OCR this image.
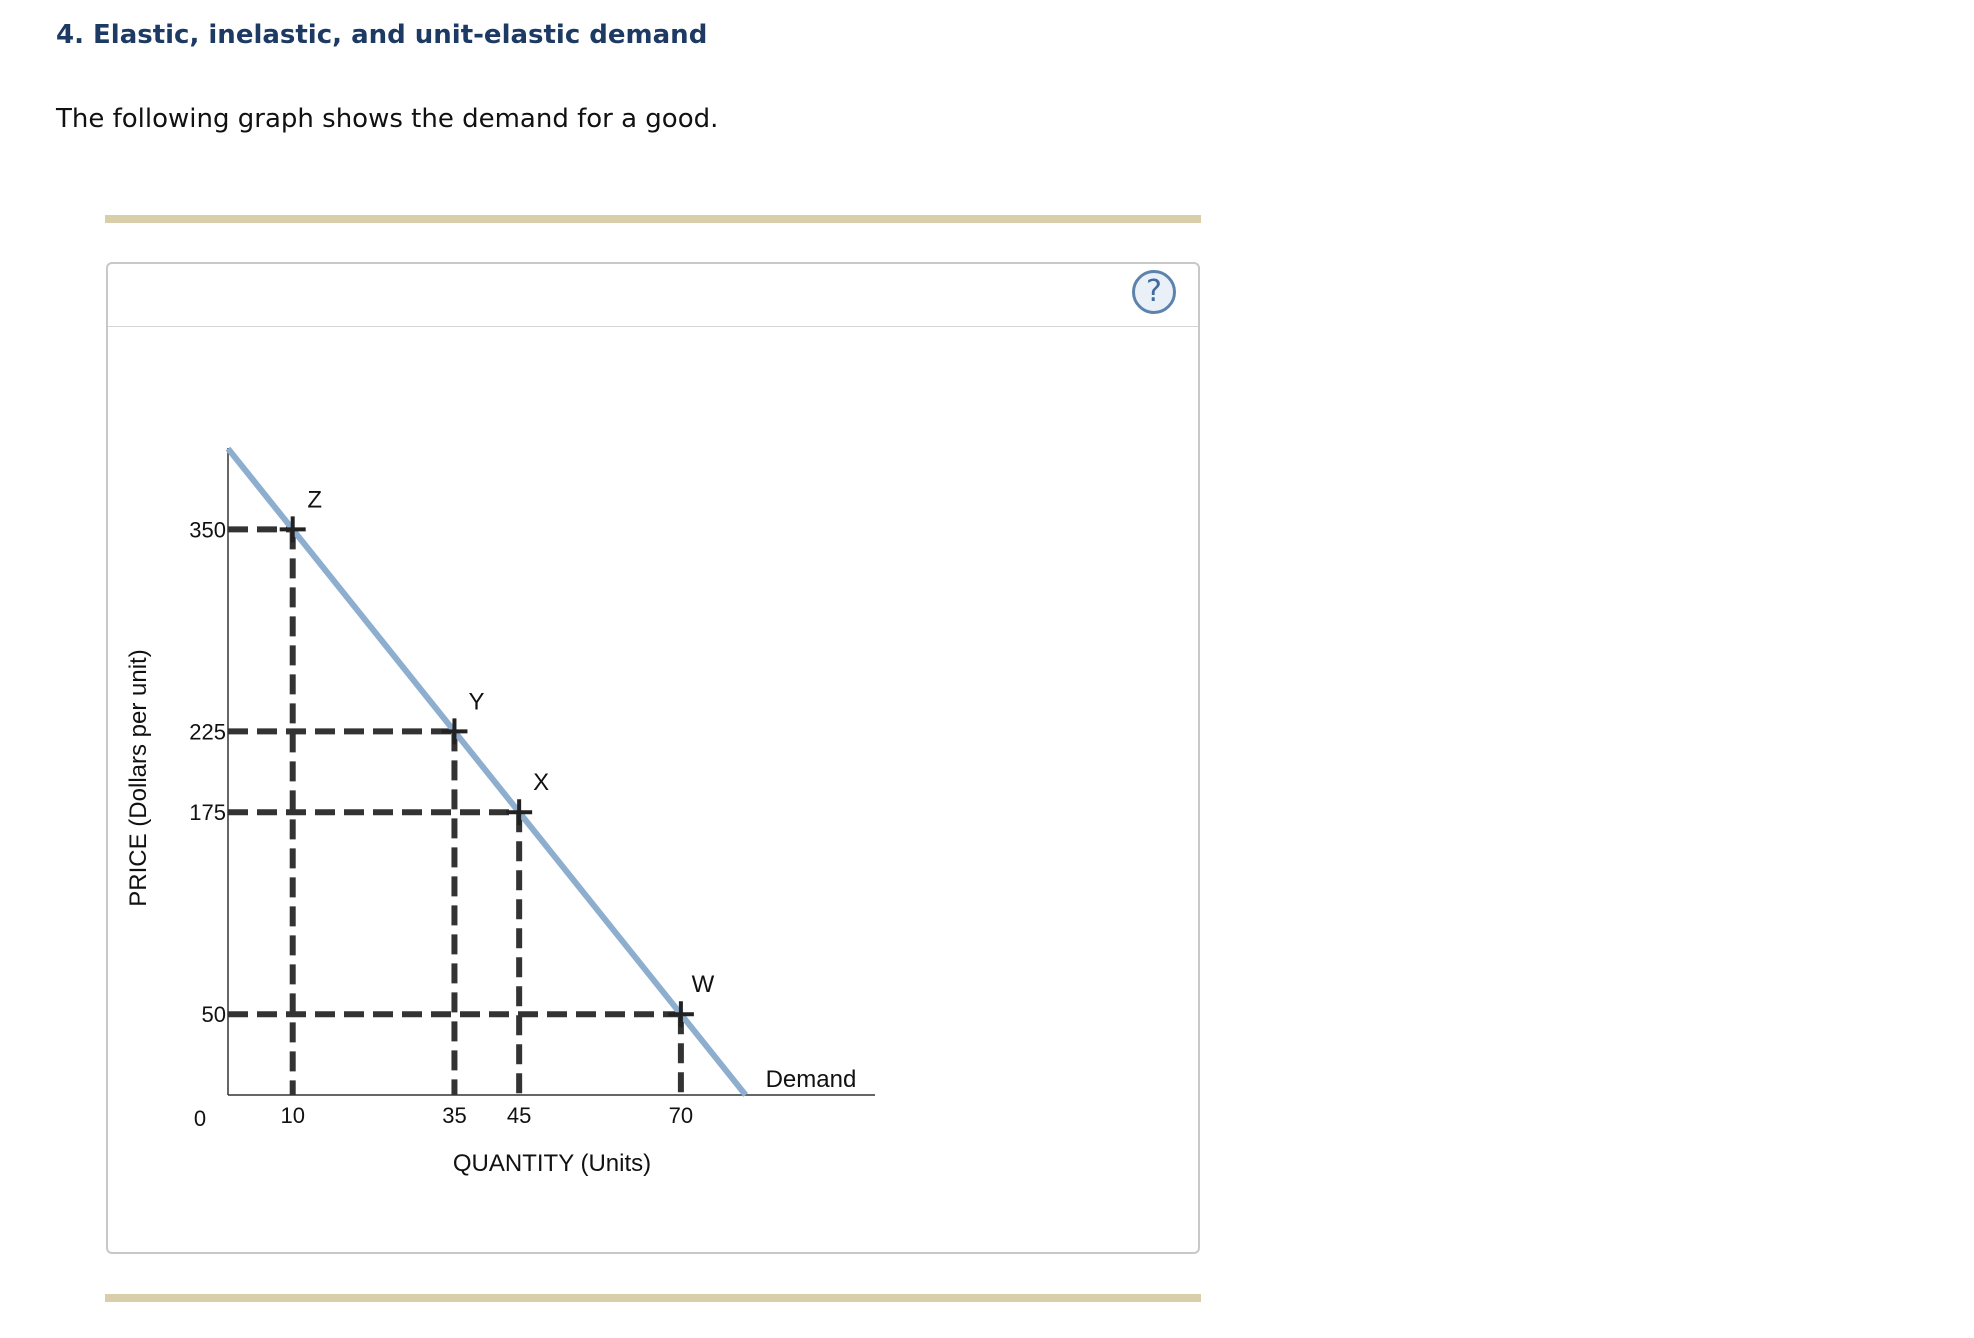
4. Elastic, inelastic, and unit-elastic demand

The following graph shows the demand for a good.

?
0
QUANTITY (Units)
PRICE (Dollars per unit)
Demand
Z
Y
X
W
10	35 45	70
350
225
175
50
